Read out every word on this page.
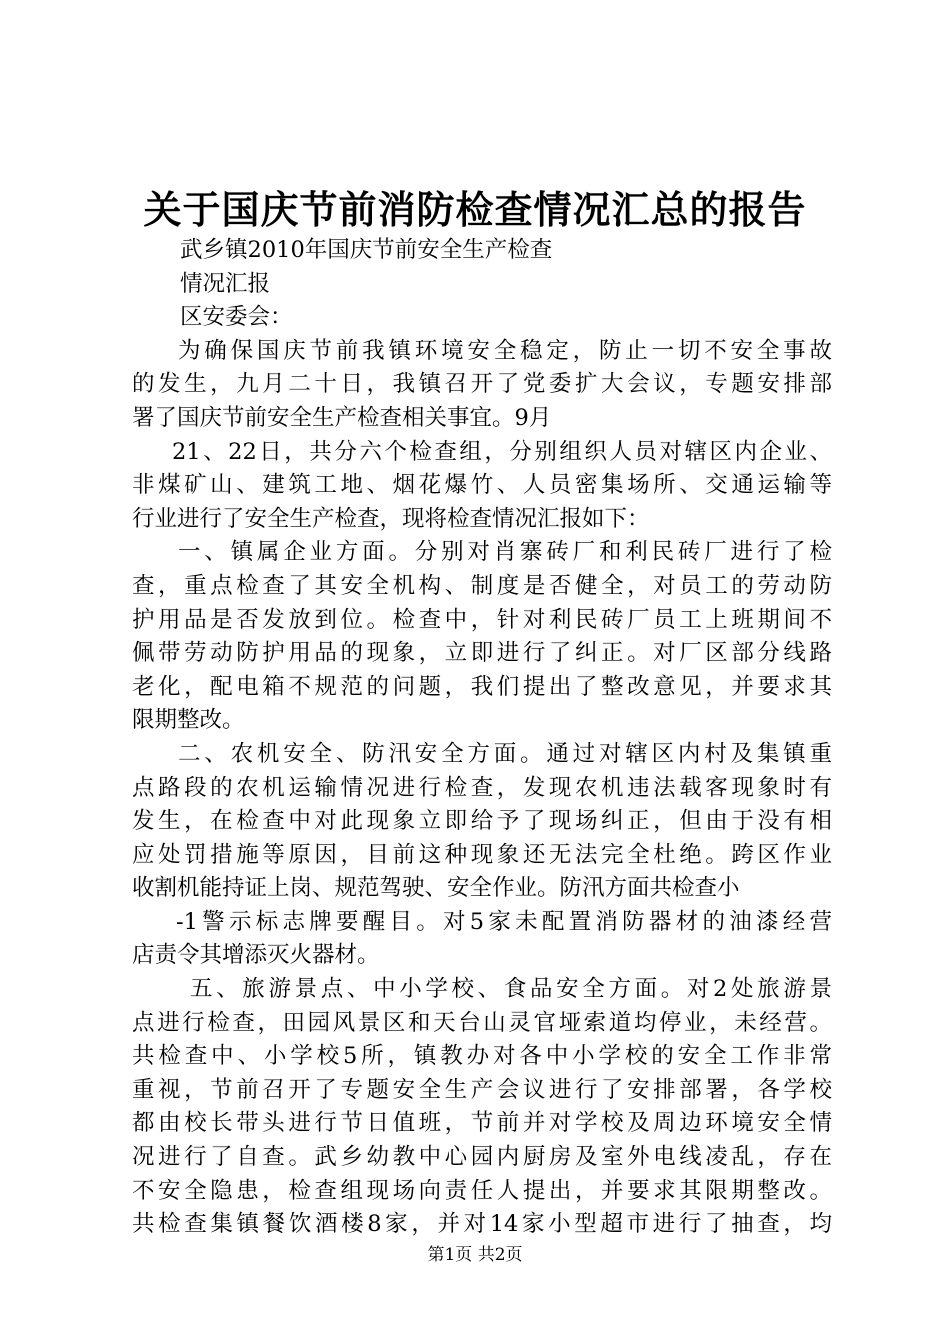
关于国庆节前消防检查情况汇总的报告
武乡镇2010年国庆节前安全生产检查
情况汇报
区安委会：
为确保国庆节前我镇环境安全稳定，防止一切不安全事故
的发生，九月二十日，我镇召开了党委扩大会议，专题安排部
署了国庆节前安全生产检查相关事宜。9月
21、22日，共分六个检查组，分别组织人员对辖区内企业、
非煤矿山、建筑工地、烟花爆竹、人员密集场所、交通运输等
行业进行了安全生产检查，现将检查情况汇报如下：
一、镇属企业方面。分别对肖寨砖厂和利民砖厂进行了检
查，重点检查了其安全机构、制度是否健全，对员工的劳动防
护用品是否发放到位。检查中，针对利民砖厂员工上班期间不
佩带劳动防护用品的现象，立即进行了纠正。对厂区部分线路
老化，配电箱不规范的问题，我们提出了整改意见，并要求其
限期整改。
二、农机安全、防汛安全方面。通过对辖区内村及集镇重
点路段的农机运输情况进行检查，发现农机违法载客现象时有
发生，在检查中对此现象立即给予了现场纠正，但由于没有相
应处罚措施等原因，目前这种现象还无法完全杜绝。跨区作业
收割机能持证上岗、规范驾驶、安全作业。防汛方面共检查小
-1警示标志牌要醒目。对5家未配置消防器材的油漆经营
店责令其增添灭火器材。
五、旅游景点、中小学校、食品安全方面。对2处旅游景
点进行检查，田园风景区和天台山灵官垭索道均停业，未经营。
共检查中、小学校5所，镇教办对各中小学校的安全工作非常
重视，节前召开了专题安全生产会议进行了安排部署，各学校
都由校长带头进行节日值班，节前并对学校及周边环境安全情
况进行了自查。武乡幼教中心园内厨房及室外电线凌乱，存在
不安全隐患，检查组现场向责任人提出，并要求其限期整改。
共检查集镇餐饮酒楼8家，并对14家小型超市进行了抽查，均
第1页 共2页
